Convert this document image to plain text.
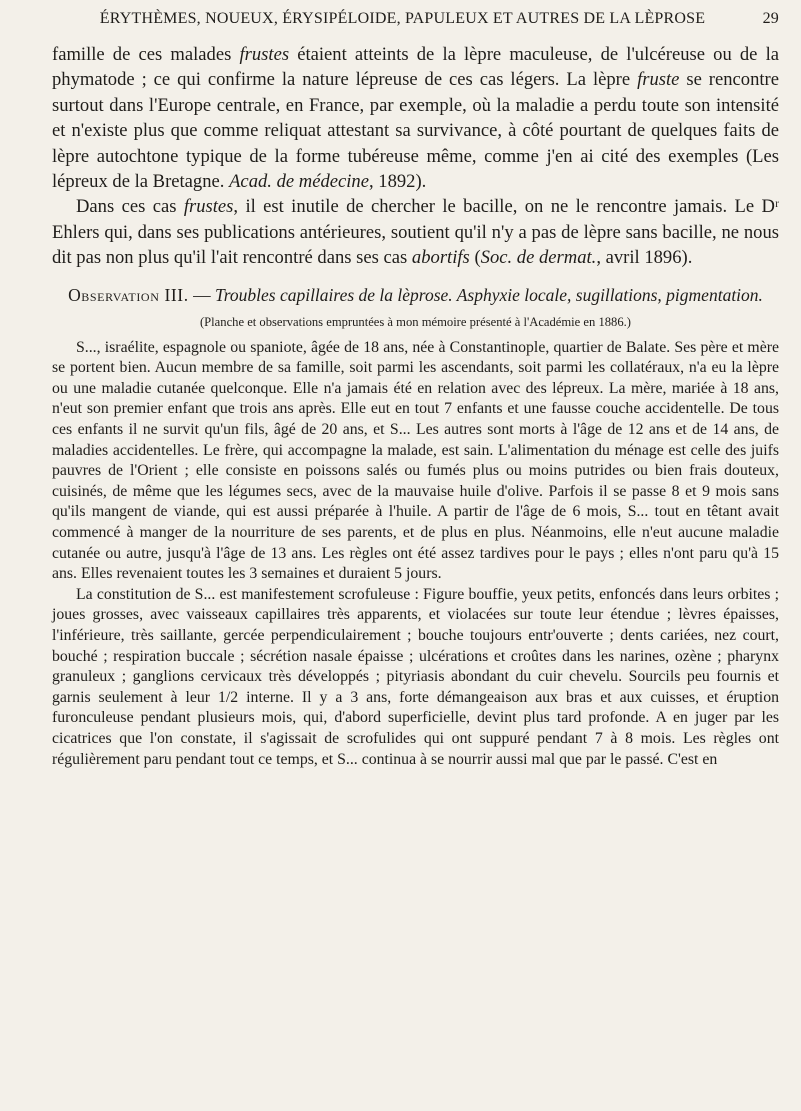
ÉRYTHÈMES, NOUEUX, ÉRYSIPÉLOIDE, PAPULEUX ET AUTRES DE LA LÈPROSE	29

famille de ces malades frustes étaient atteints de la lèpre maculeuse, de l'ulcéreuse ou de la phymatode ; ce qui confirme la nature lépreuse de ces cas légers. La lèpre fruste se rencontre surtout dans l'Europe centrale, en France, par exemple, où la maladie a perdu toute son intensité et n'existe plus que comme reliquat attestant sa survivance, à côté pourtant de quelques faits de lèpre autochtone typique de la forme tubéreuse même, comme j'en ai cité des exemples (Les lépreux de la Bretagne. Acad. de médecine, 1892).

Dans ces cas frustes, il est inutile de chercher le bacille, on ne le rencontre jamais. Le Dʳ Ehlers qui, dans ses publications antérieures, soutient qu'il n'y a pas de lèpre sans bacille, ne nous dit pas non plus qu'il l'ait rencontré dans ses cas abortifs (Soc. de dermat., avril 1896).

Observation III. — Troubles capillaires de la lèprose. Asphyxie locale, sugillations, pigmentation.

(Planche et observations empruntées à mon mémoire présenté à l'Académie en 1886.)

S..., israélite, espagnole ou spaniote, âgée de 18 ans, née à Constantinople, quartier de Balate. Ses père et mère se portent bien. Aucun membre de sa famille, soit parmi les ascendants, soit parmi les collatéraux, n'a eu la lèpre ou une maladie cutanée quelconque. Elle n'a jamais été en relation avec des lépreux. La mère, mariée à 18 ans, n'eut son premier enfant que trois ans après. Elle eut en tout 7 enfants et une fausse couche accidentelle. De tous ces enfants il ne survit qu'un fils, âgé de 20 ans, et S... Les autres sont morts à l'âge de 12 ans et de 14 ans, de maladies accidentelles. Le frère, qui accompagne la malade, est sain. L'alimentation du ménage est celle des juifs pauvres de l'Orient ; elle consiste en poissons salés ou fumés plus ou moins putrides ou bien frais douteux, cuisinés, de même que les légumes secs, avec de la mauvaise huile d'olive. Parfois il se passe 8 et 9 mois sans qu'ils mangent de viande, qui est aussi préparée à l'huile. A partir de l'âge de 6 mois, S... tout en têtant avait commencé à manger de la nourriture de ses parents, et de plus en plus. Néanmoins, elle n'eut aucune maladie cutanée ou autre, jusqu'à l'âge de 13 ans. Les règles ont été assez tardives pour le pays ; elles n'ont paru qu'à 15 ans. Elles revenaient toutes les 3 semaines et duraient 5 jours.

La constitution de S... est manifestement scrofuleuse : Figure bouffie, yeux petits, enfoncés dans leurs orbites ; joues grosses, avec vaisseaux capillaires très apparents, et violacées sur toute leur étendue ; lèvres épaisses, l'inférieure, très saillante, gercée perpendiculairement ; bouche toujours entr'ouverte ; dents cariées, nez court, bouché ; respiration buccale ; sécrétion nasale épaisse ; ulcérations et croûtes dans les narines, ozène ; pharynx granuleux ; ganglions cervicaux très développés ; pityriasis abondant du cuir chevelu. Sourcils peu fournis et garnis seulement à leur 1/2 interne. Il y a 3 ans, forte démangeaison aux bras et aux cuisses, et éruption furonculeuse pendant plusieurs mois, qui, d'abord superficielle, devint plus tard profonde. A en juger par les cicatrices que l'on constate, il s'agissait de scrofulides qui ont suppuré pendant 7 à 8 mois. Les règles ont régulièrement paru pendant tout ce temps, et S... continua à se nourrir aussi mal que par le passé. C'est en
